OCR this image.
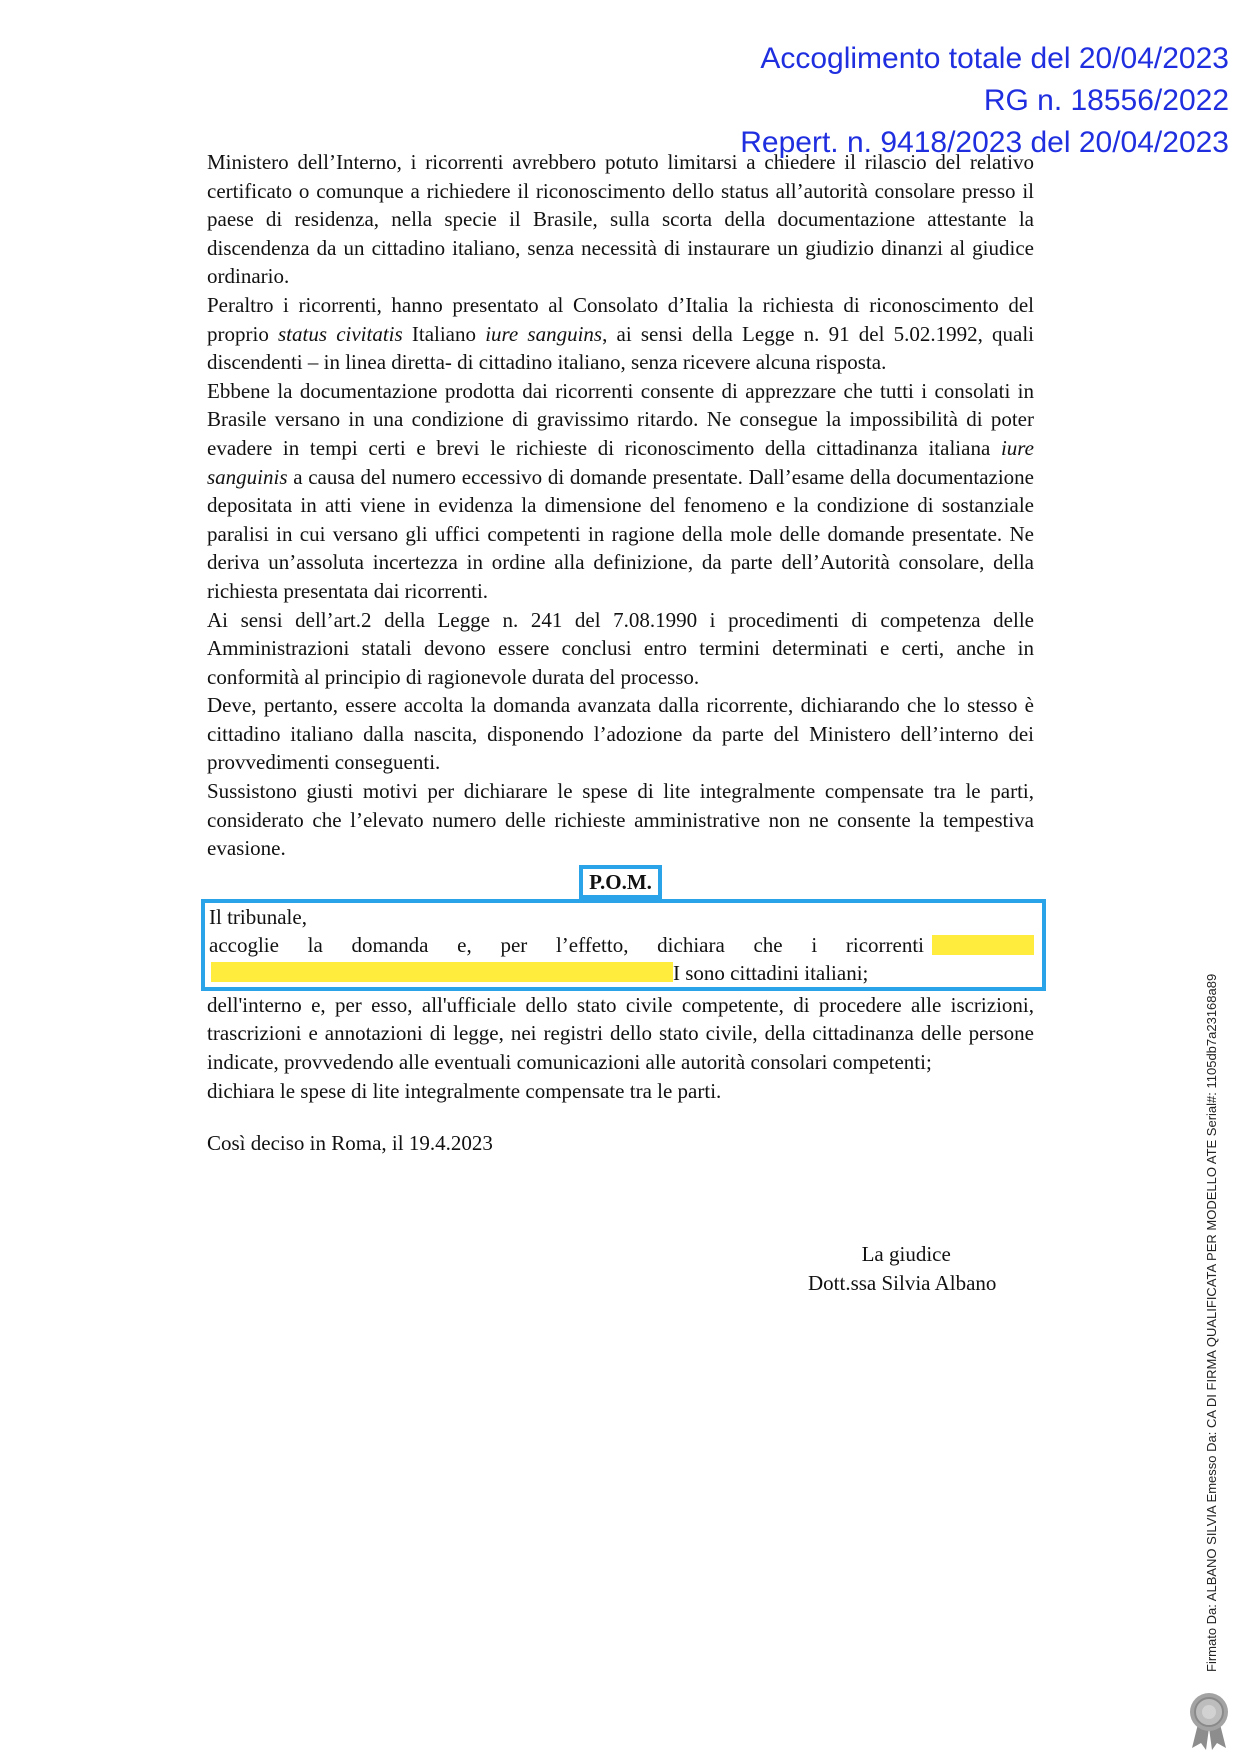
Accoglimento totale del 20/04/2023
RG n. 18556/2022
Repert. n. 9418/2023 del 20/04/2023

Ministero dell’Interno, i ricorrenti avrebbero potuto limitarsi a chiedere il rilascio del relativo certificato o comunque a richiedere il riconoscimento dello status all’autorità consolare presso il paese di residenza, nella specie il Brasile, sulla scorta della documentazione attestante la discendenza da un cittadino italiano, senza necessità di instaurare un giudizio dinanzi al giudice ordinario.

Peraltro i ricorrenti, hanno presentato al Consolato d’Italia la richiesta di riconoscimento del proprio status civitatis Italiano iure sanguins, ai sensi della Legge n. 91 del 5.02.1992, quali discendenti – in linea diretta- di cittadino italiano, senza ricevere alcuna risposta.

Ebbene la documentazione prodotta dai ricorrenti consente di apprezzare che tutti i consolati in Brasile versano in una condizione di gravissimo ritardo. Ne consegue la impossibilità di poter evadere in tempi certi e brevi le richieste di riconoscimento della cittadinanza italiana iure sanguinis a causa del numero eccessivo di domande presentate. Dall’esame della documentazione depositata in atti viene in evidenza la dimensione del fenomeno e la condizione di sostanziale paralisi in cui versano gli uffici competenti in ragione della mole delle domande presentate. Ne deriva un’assoluta incertezza in ordine alla definizione, da parte dell’Autorità consolare, della richiesta presentata dai ricorrenti.

Ai sensi dell’art.2 della Legge n. 241 del 7.08.1990 i procedimenti di competenza delle Amministrazioni statali devono essere conclusi entro termini determinati e certi, anche in conformità al principio di ragionevole durata del processo.

Deve, pertanto, essere accolta la domanda avanzata dalla ricorrente, dichiarando che lo stesso è cittadino italiano dalla nascita, disponendo l’adozione da parte del Ministero dell’interno dei provvedimenti conseguenti.

Sussistono giusti motivi per dichiarare le spese di lite integralmente compensate tra le parti, considerato che l’elevato numero delle richieste amministrative non ne consente la tempestiva evasione.

P.O.M.
Il tribunale,
accoglie la domanda e, per l’effetto, dichiara che i ricorrenti
I sono cittadini italiani;

dell'interno e, per esso, all'ufficiale dello stato civile competente, di procedere alle iscrizioni, trascrizioni e annotazioni di legge, nei registri dello stato civile, della cittadinanza delle persone indicate, provvedendo alle eventuali comunicazioni alle autorità consolari competenti;

dichiara le spese di lite integralmente compensate tra le parti.

Così deciso in Roma, il 19.4.2023

La giudice
Dott.ssa Silvia Albano	Firmato Da: ALBANO SILVIA Emesso Da: CA DI FIRMA QUALIFICATA PER MODELLO ATE Serial#: 1105db7a23168a89
